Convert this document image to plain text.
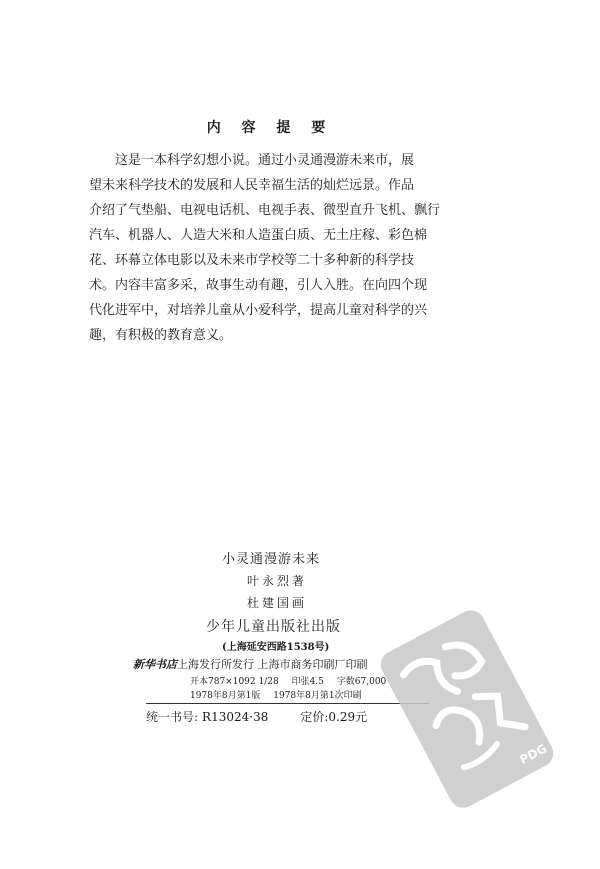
内 容 提 要
这是一本科学幻想小说。通过小灵通漫游未来市，展
望未来科学技术的发展和人民幸福生活的灿烂远景。作品
介绍了气垫船、电视电话机、电视手表、微型直升飞机、飘行
汽车、机器人、人造大米和人造蛋白质、无土庄稼、彩色棉
花、环幕立体电影以及未来市学校等二十多种新的科学技
术。内容丰富多采，故事生动有趣，引人入胜。在向四个现
代化进军中，对培养儿童从小爱科学，提高儿童对科学的兴
趣，有积极的教育意义。
小灵通漫游未来
叶永烈著
杜建国画
少年儿童出版社出版
(上海延安西路1538号)
新华书店上海发行所发行 上海市商务印刷厂印刷
开本787×1092 1/28 印张4.5 字数67,000
1978年8月第1版 1978年8月第1次印刷
统一书号: R13024·38	定价:0.29元
PDG
